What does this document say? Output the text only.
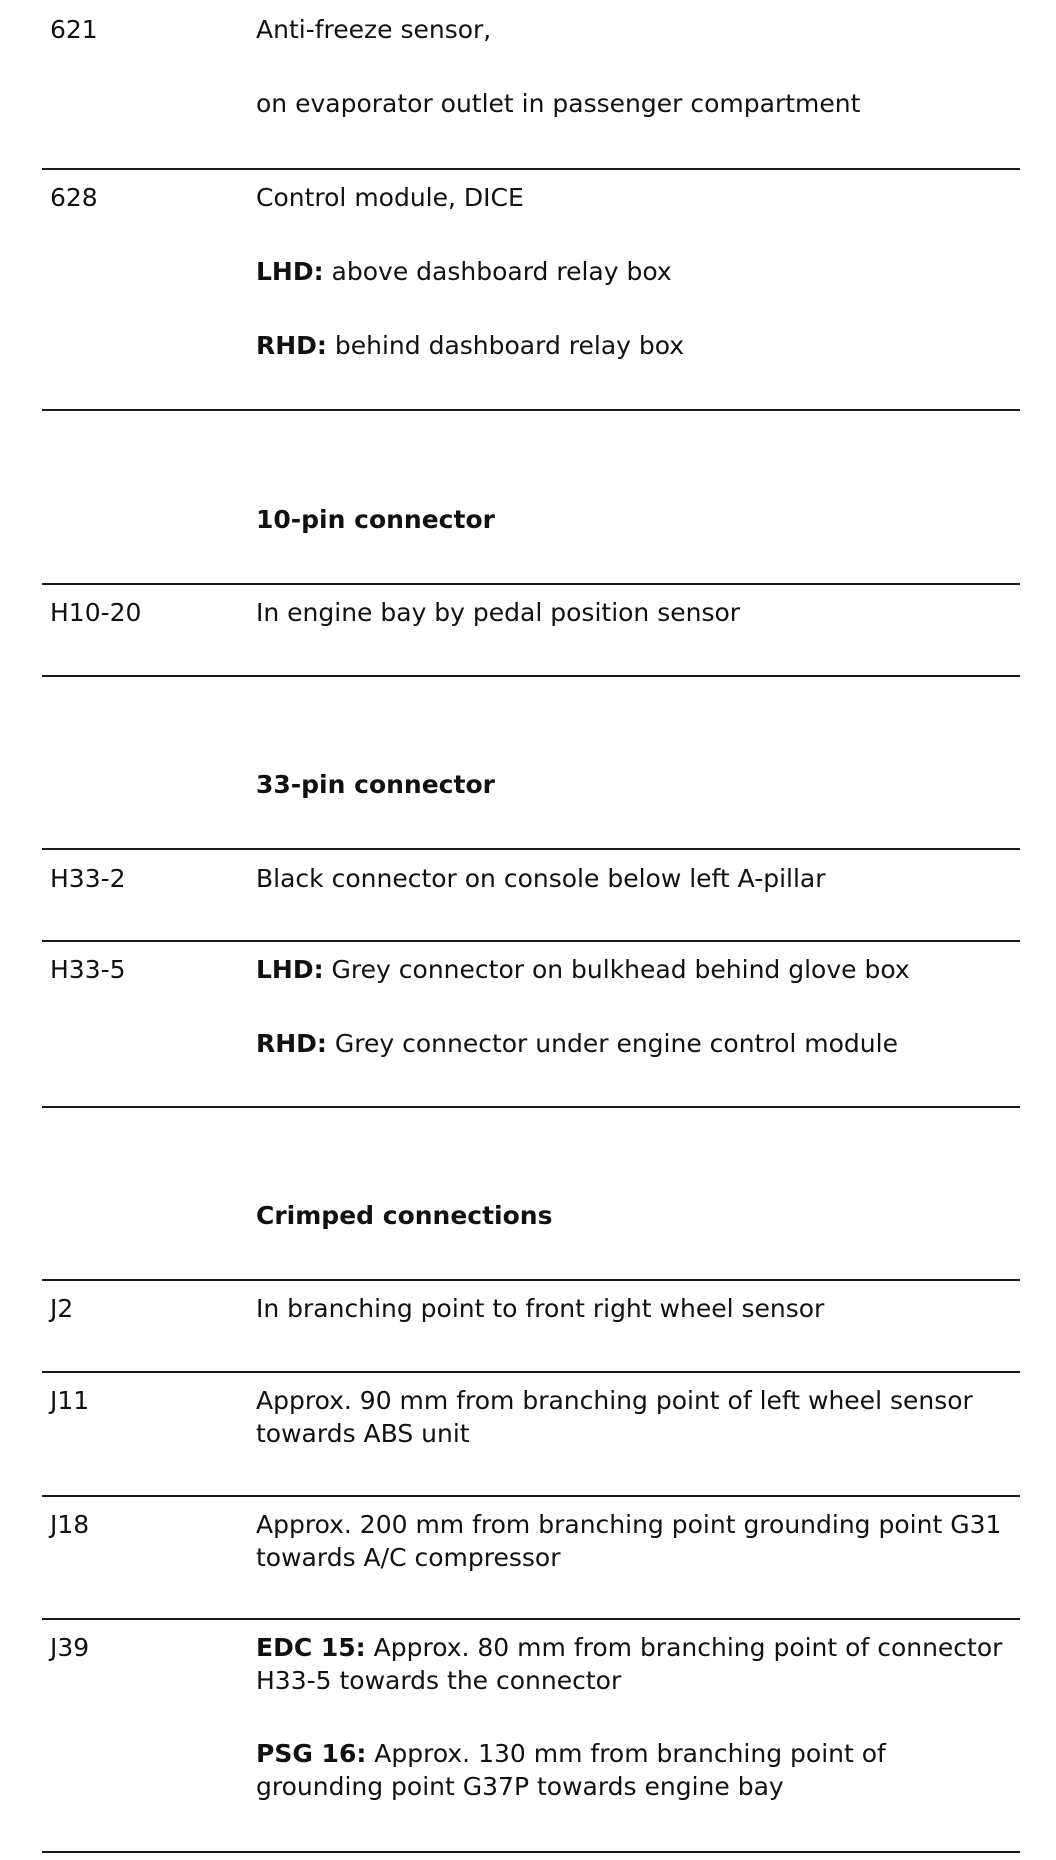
621	Anti-freeze sensor,
on evaporator outlet in passenger compartment
628	Control module, DICE
LHD: above dashboard relay box
RHD: behind dashboard relay box
10-pin connector
H10-20	In engine bay by pedal position sensor
33-pin connector
H33-2	Black connector on console below left A-pillar
H33-5	LHD: Grey connector on bulkhead behind glove box
RHD: Grey connector under engine control module
Crimped connections
J2	In branching point to front right wheel sensor
J11	Approx. 90 mm from branching point of left wheel sensor towards ABS unit
J18	Approx. 200 mm from branching point grounding point G31 towards A/C compressor
J39	EDC 15: Approx. 80 mm from branching point of connector H33-5 towards the connector
PSG 16: Approx. 130 mm from branching point of grounding point G37P towards engine bay
